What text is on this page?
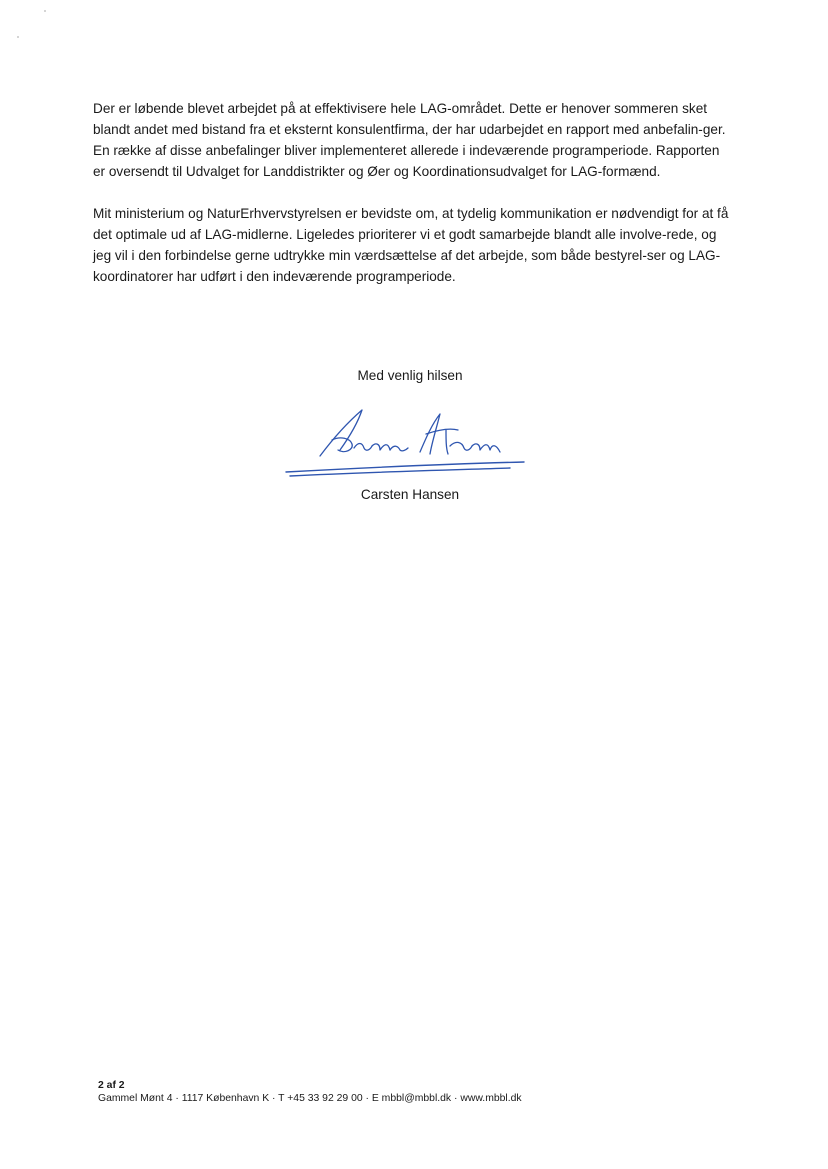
Der er løbende blevet arbejdet på at effektivisere hele LAG-området. Dette er henover sommeren sket blandt andet med bistand fra et eksternt konsulentfirma, der har udarbejdet en rapport med anbefalin-ger. En række af disse anbefalinger bliver implementeret allerede i indeværende programperiode. Rapporten er oversendt til Udvalget for Landdistrikter og Øer og Koordinationsudvalget for LAG-formænd.

Mit ministerium og NaturErhvervstyrelsen er bevidste om, at tydelig kommunikation er nødvendigt for at få det optimale ud af LAG-midlerne. Ligeledes prioriterer vi et godt samarbejde blandt alle involve-rede, og jeg vil i den forbindelse gerne udtrykke min værdsættelse af det arbejde, som både bestyrel-ser og LAG-koordinatorer har udført i den indeværende programperiode.

Med venlig hilsen
Carsten Hansen
2 af 2
Gammel Mønt 4 · 1117 København K · T +45 33 92 29 00 · E mbbl@mbbl.dk · www.mbbl.dk
